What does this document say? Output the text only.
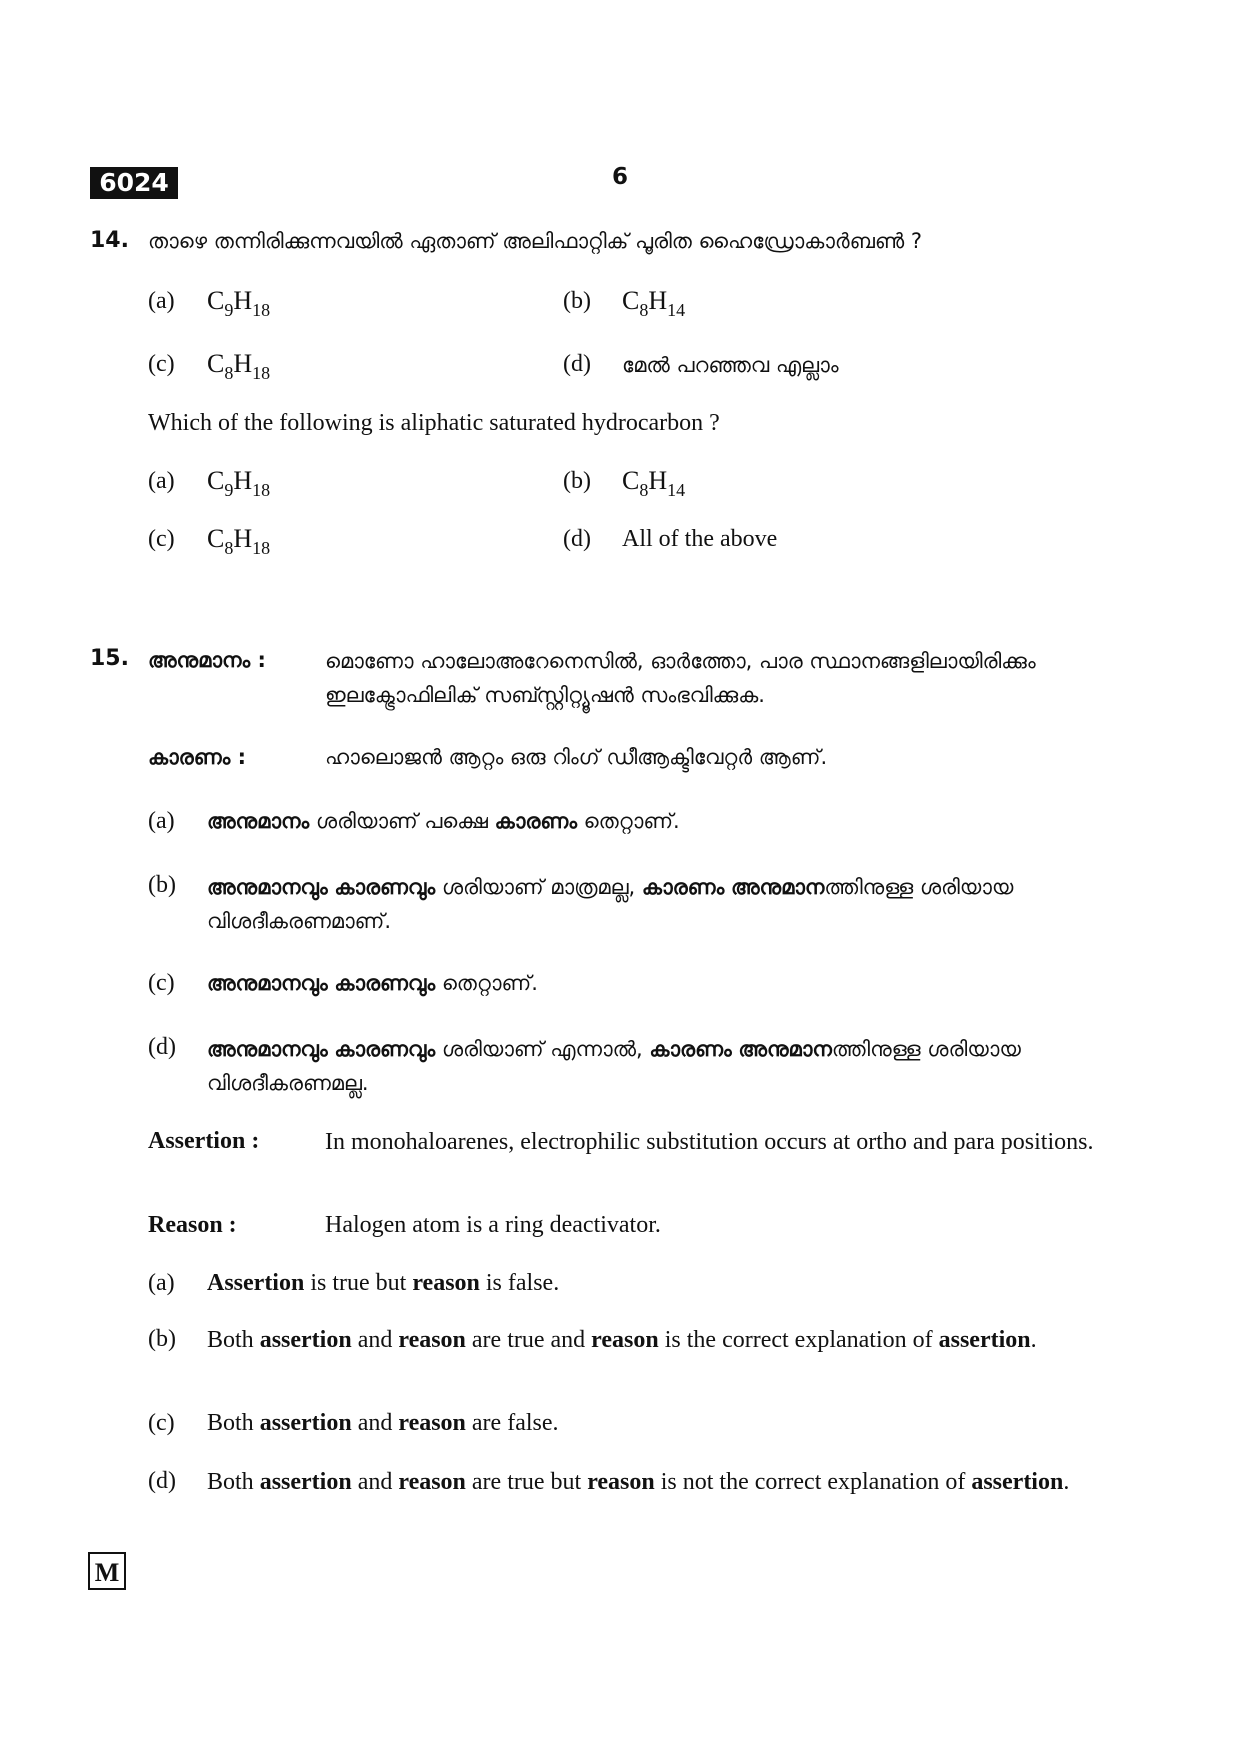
6024	6
14. താഴെ തന്നിരിക്കുന്നവയിൽ ഏതാണ് അലിഫാറ്റിക് പൂരിത ഹൈഡ്രോകാർബൺ ?
(a) $C_9H_{18}$	(b) $C_8H_{14}$
(c) $C_8H_{18}$	(d) മേൽ പറഞ്ഞവ എല്ലാം
Which of the following is aliphatic saturated hydrocarbon ?
(a) $C_9H_{18}$	(b) $C_8H_{14}$
(c) $C_8H_{18}$	(d) All of the above
15. അനുമാനം :	മൊണോ ഹാലോഅറേനെസിൽ, ഓർത്തോ, പാര സ്ഥാനങ്ങളിലായിരിക്കും ഇലക്ട്രോഫിലിക് സബ്സ്റ്റിറ്റ്യൂഷൻ സംഭവിക്കുക.
കാരണം :	ഹാലൊജൻ ആറ്റം ഒരു റിംഗ് ഡീആക്ടിവേറ്റർ ആണ്.
(a) അനുമാനം ശരിയാണ് പക്ഷെ കാരണം തെറ്റാണ്.
(b) അനുമാനവും കാരണവും ശരിയാണ് മാത്രമല്ല, കാരണം അനുമാനത്തിനുള്ള ശരിയായ വിശദീകരണമാണ്.
(c) അനുമാനവും കാരണവും തെറ്റാണ്.
(d) അനുമാനവും കാരണവും ശരിയാണ് എന്നാൽ, കാരണം അനുമാനത്തിനുള്ള ശരിയായ വിശദീകരണമല്ല.
Assertion :	In monohaloarenes, electrophilic substitution occurs at ortho and para positions.
Reason :	Halogen atom is a ring deactivator.
(a) Assertion is true but reason is false.
(b) Both assertion and reason are true and reason is the correct explanation of assertion.
(c) Both assertion and reason are false.
(d) Both assertion and reason are true but reason is not the correct explanation of assertion.
M
